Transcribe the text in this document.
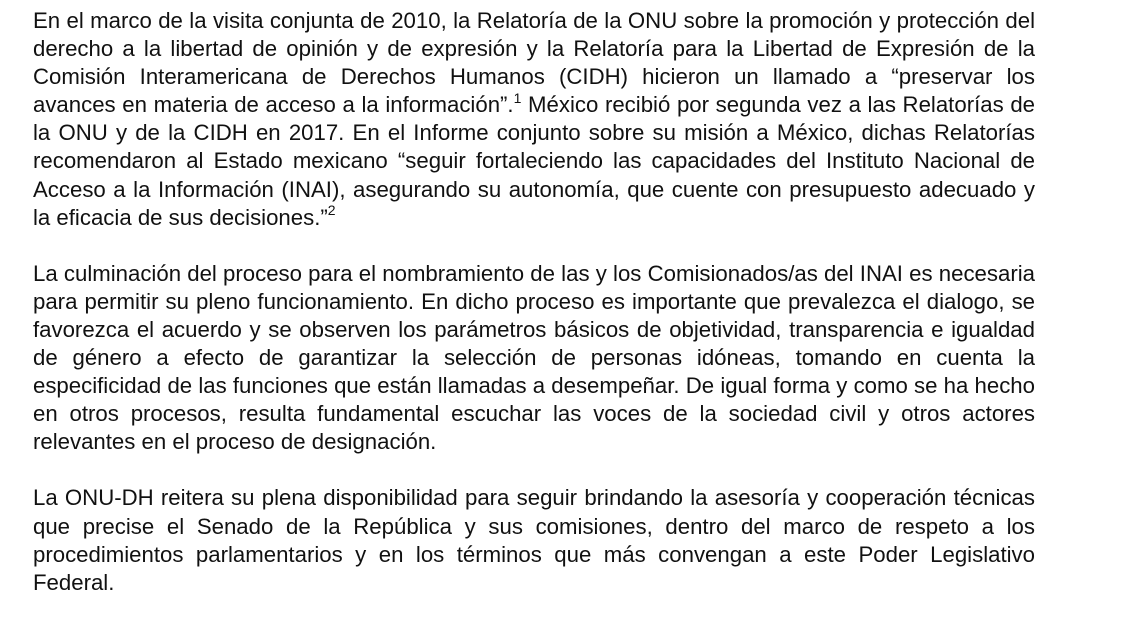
En el marco de la visita conjunta de 2010, la Relatoría de la ONU sobre la promoción y protección del derecho a la libertad de opinión y de expresión y la Relatoría para la Libertad de Expresión de la Comisión Interamericana de Derechos Humanos (CIDH) hicieron un llamado a “preservar los avances en materia de acceso a la información”.$^1$ México recibió por segunda vez a las Relatorías de la ONU y de la CIDH en 2017. En el Informe conjunto sobre su misión a México, dichas Relatorías recomendaron al Estado mexicano “seguir fortaleciendo las capacidades del Instituto Nacional de Acceso a la Información (INAI), asegurando su autonomía, que cuente con presupuesto adecuado y la eficacia de sus decisiones.”$^2$

La culminación del proceso para el nombramiento de las y los Comisionados/as del INAI es necesaria para permitir su pleno funcionamiento. En dicho proceso es importante que prevalezca el dialogo, se favorezca el acuerdo y se observen los parámetros básicos de objetividad, transparencia e igualdad de género a efecto de garantizar la selección de personas idóneas, tomando en cuenta la especificidad de las funciones que están llamadas a desempeñar. De igual forma y como se ha hecho en otros procesos, resulta fundamental escuchar las voces de la sociedad civil y otros actores relevantes en el proceso de designación.

La ONU-DH reitera su plena disponibilidad para seguir brindando la asesoría y cooperación técnicas que precise el Senado de la República y sus comisiones, dentro del marco de respeto a los procedimientos parlamentarios y en los términos que más convengan a este Poder Legislativo Federal.
